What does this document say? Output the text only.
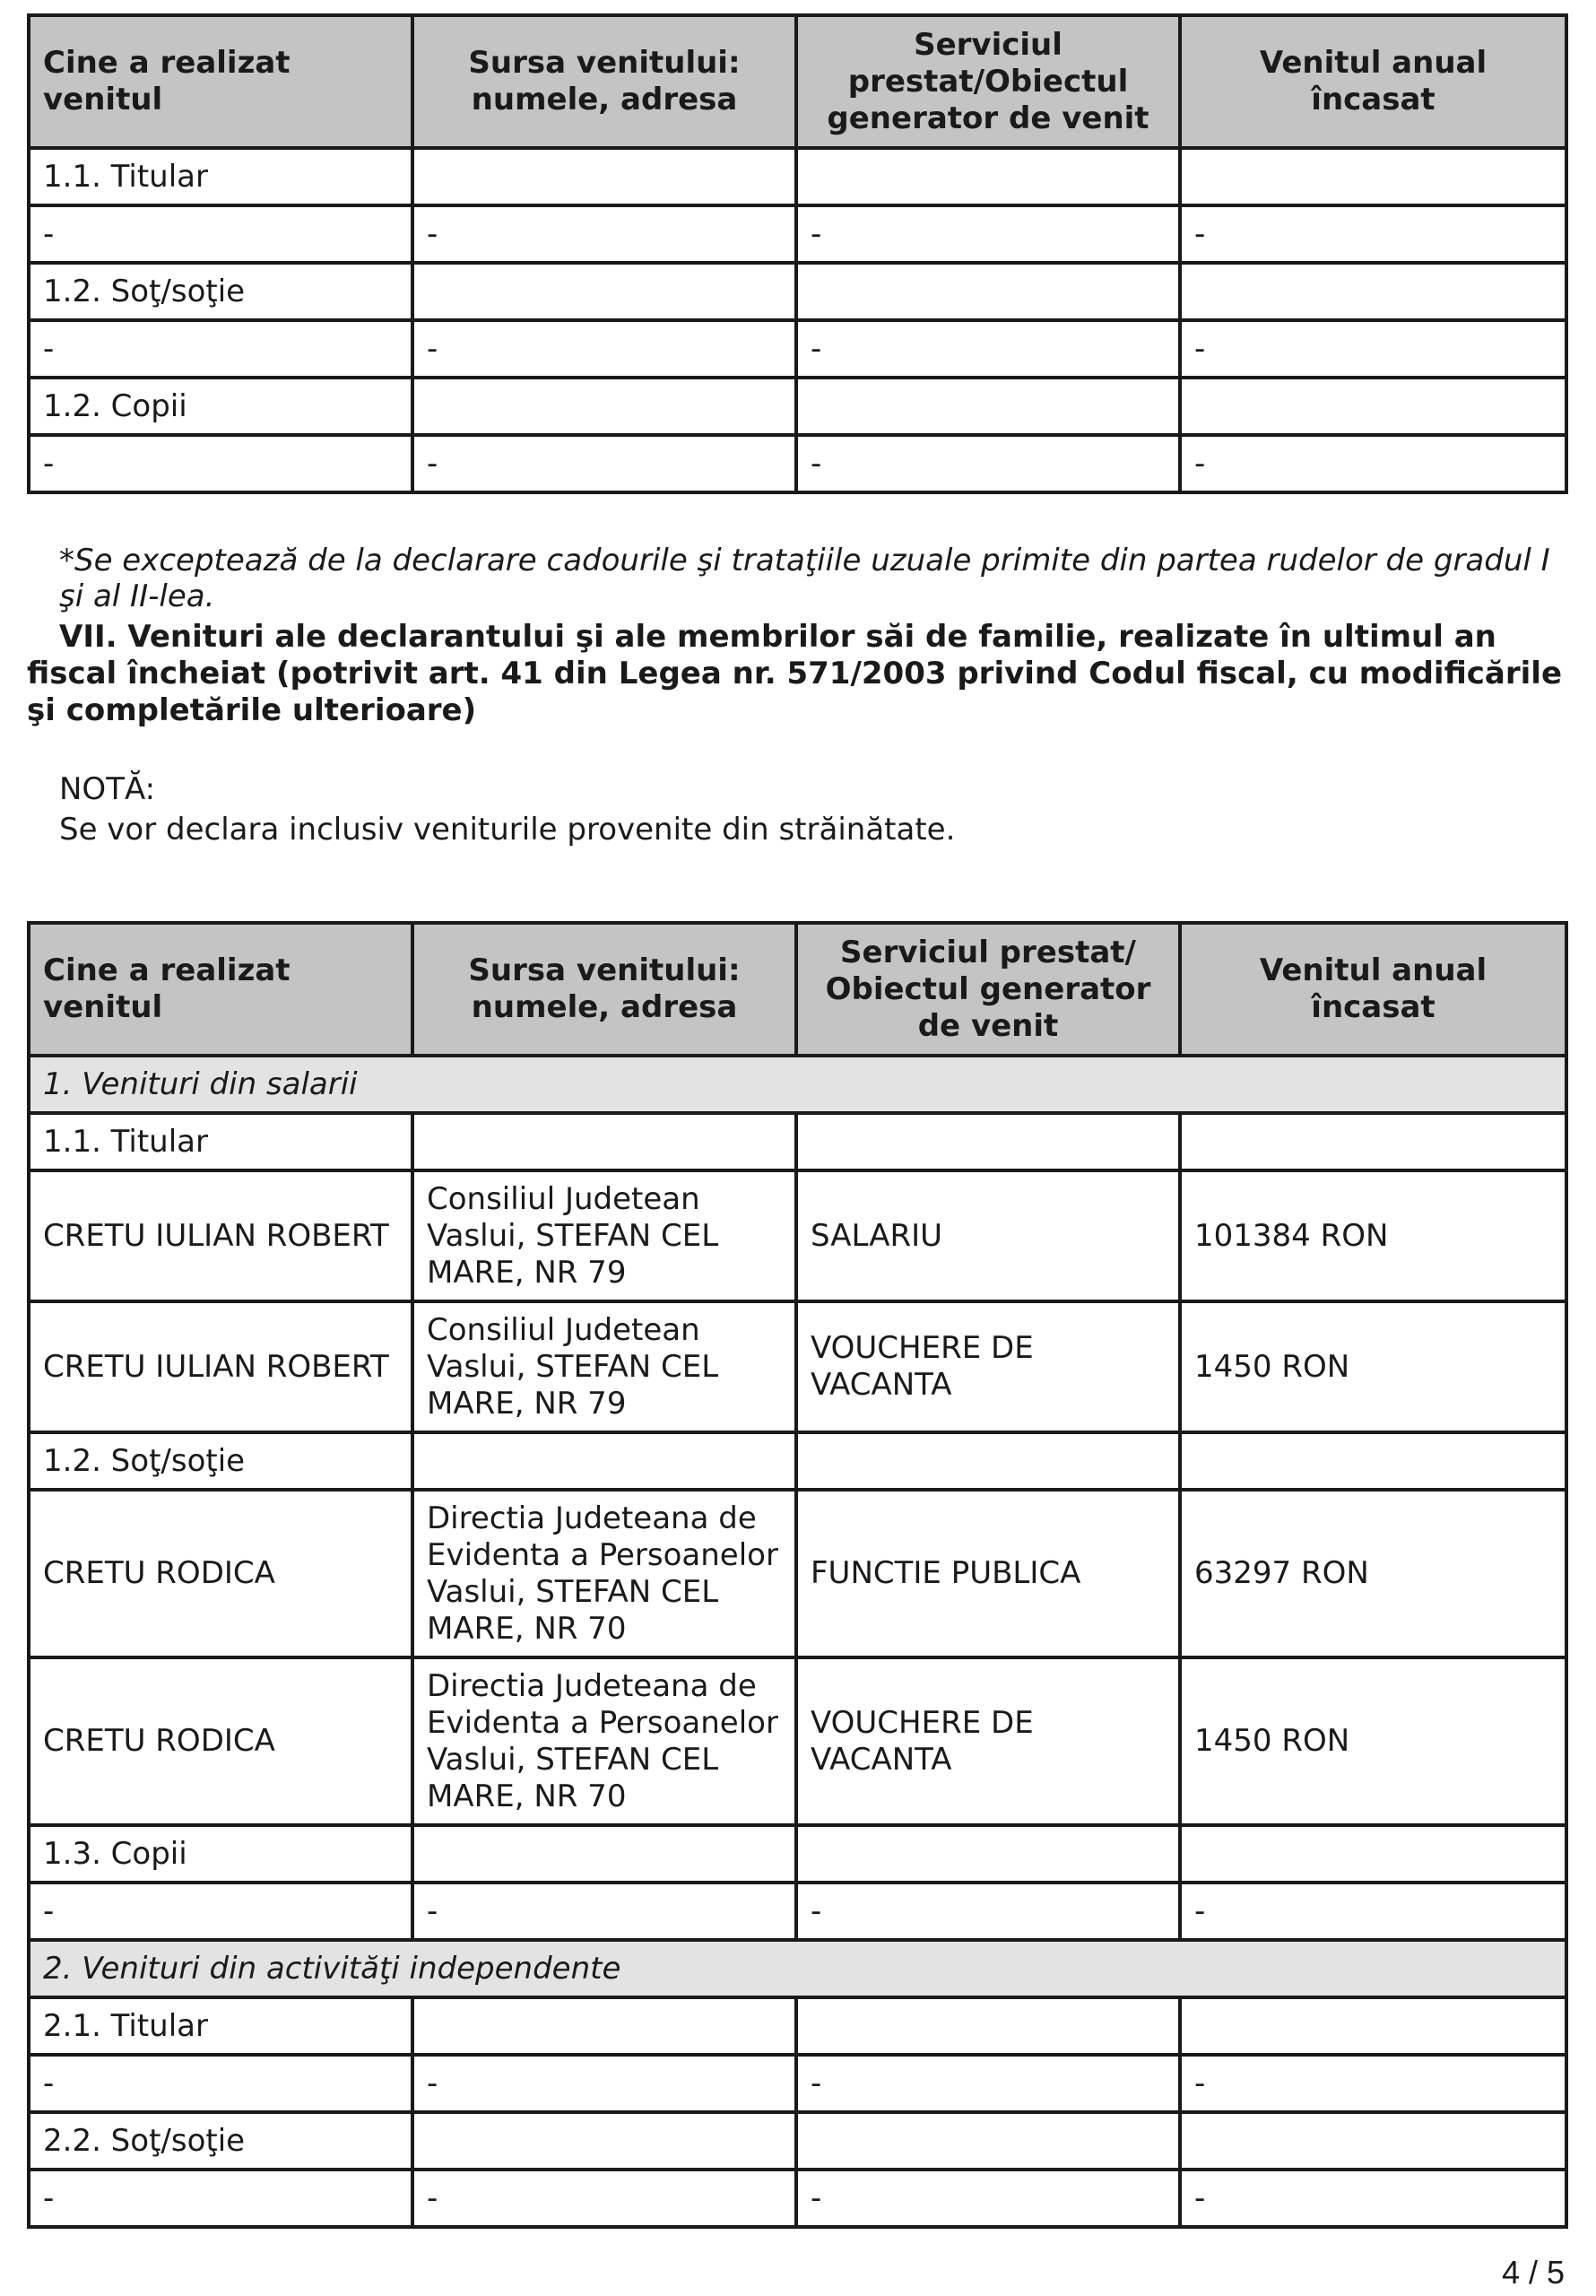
Cine a realizat venitul	Sursa venitului: numele, adresa	Serviciul prestat/Obiectul generator de venit	Venitul anual încasat
1.1. Titular			
-	-	-	-
1.2. Soţ/soţie			
-	-	-	-
1.2. Copii			
-	-	-	-
*Se exceptează de la declarare cadourile şi trataţiile uzuale primite din partea rudelor de gradul I şi al II-lea.
VII. Venituri ale declarantului şi ale membrilor săi de familie, realizate în ultimul an fiscal încheiat (potrivit art. 41 din Legea nr. 571/2003 privind Codul fiscal, cu modificările şi completările ulterioare)
NOTĂ:
Se vor declara inclusiv veniturile provenite din străinătate.
Cine a realizat venitul	Sursa venitului: numele, adresa	Serviciul prestat/ Obiectul generator de venit	Venitul anual încasat
1. Venituri din salarii			
1.1. Titular			
CRETU IULIAN ROBERT	Consiliul Judetean Vaslui, STEFAN CEL MARE, NR 79	SALARIU	101384 RON
CRETU IULIAN ROBERT	Consiliul Judetean Vaslui, STEFAN CEL MARE, NR 79	VOUCHERE DE VACANTA	1450 RON
1.2. Soţ/soţie			
CRETU RODICA	Directia Judeteana de Evidenta a Persoanelor Vaslui, STEFAN CEL MARE, NR 70	FUNCTIE PUBLICA	63297 RON
CRETU RODICA	Directia Judeteana de Evidenta a Persoanelor Vaslui, STEFAN CEL MARE, NR 70	VOUCHERE DE VACANTA	1450 RON
1.3. Copii			
-	-	-	-
2. Venituri din activităţi independente			
2.1. Titular			
-	-	-	-
2.2. Soţ/soţie			
-	-	-	-
4 / 5
